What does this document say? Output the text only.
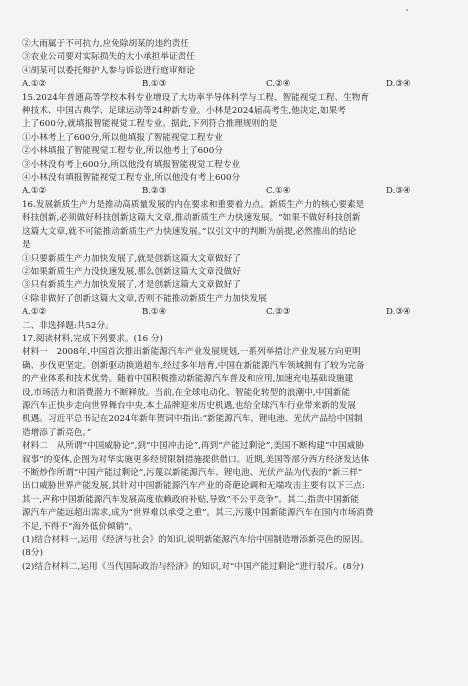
②大雨属于不可抗力,应免除胡某的违约责任
③农业公司要对实际损失的大小承担举证责任
④胡某可以委托辩护人参与诉讼进行庭审辩论
A.①②	B.①③	C.②④	D.③④
15.2024年普通高等学校本科专业增设了大功率半导体科学与工程、智能视觉工程、生物育
种技术、中国古典学、足球运动等24种新专业。小林是2024届高考生,他决定,如果考
上了600分,就填报智能视觉工程专业。据此,下列符合推理规则的是
①小林考上了600分,所以他填报了智能视觉工程专业
②小林填报了智能视觉工程专业,所以他考上了600分
③小林没有考上600分,所以他没有填报智能视觉工程专业
④小林没有填报智能视觉工程专业,所以他没有考上600分
A.①②	B.②③	C.①④	D.③④
16.发展新质生产力是推动高质量发展的内在要求和重要着力点。新质生产力的核心要素是
科技创新,必须做好科技创新这篇大文章,推动新质生产力快速发展。“如果不做好科技创新
这篇大文章,就不可能推动新质生产力快速发展。”以引文中的判断为前提,必然推出的结论
是
①只要新质生产力加快发展了,就是创新这篇大文章做好了
②如果新质生产力没快速发展,那么创新这篇大文章没做好
③只有新质生产力加快发展了,才是创新这篇大文章做好了
④除非做好了创新这篇大文章,否则不能推动新质生产力加快发展
A.①②	B.①④	C.②③	D.③④
二、非选择题:共52分。
17.阅读材料,完成下列要求。(16 分)
材料一　2008年,中国首次推出新能源汽车产业发展规划,一系列举措让产业发展方向更明
确、步伐更坚定。创新驱动换道超车,经过多年培育,中国在新能源汽车领域拥有了较为完备
的产业体系和技术优势。随着中国积极推动新能源汽车普及和应用,加速充电基础设施建
设,市场活力和消费潜力不断释放。当前,在全球电动化、智能化转型的浪潮中,中国新能
源汽车正快步走向世界舞台中央,本土品牌迎来历史机遇,也给全球汽车行业带来新的发展
机遇。习近平总书记在2024年新年贺词中指出:“新能源汽车、锂电池、光伏产品给中国制
造增添了新亮色。”
材料二　从所谓“中国威胁论”,到“中国冲击论”,再到“产能过剩论”,美国不断构建“中国威胁
叙事”的变体,企图为对华实施更多经贸限制措施提供借口。近期,美国等部分西方经济发达体
不断炒作所谓“中国产能过剩论”,污蔑以新能源汽车、锂电池、光伏产品为代表的“新三样”
出口威胁世界产能发展,其针对中国新能源汽车产业的奇葩论调和无端攻击主要有以下三点:
其一,声称中国新能源汽车发展高度依赖政府补贴,导致“不公平竞争”。其二,指责中国新能
源汽车产能远超出需求,成为“世界难以承受之重”。其三,污蔑中国新能源汽车在国内市场消费
不足,不得不“海外低价倾销”。
(1)结合材料一,运用《经济与社会》的知识,说明新能源汽车给中国制造增添新亮色的原因。
(8分)
(2)结合材料二,运用《当代国际政治与经济》的知识,对“中国产能过剩论”进行驳斥。(8分)
